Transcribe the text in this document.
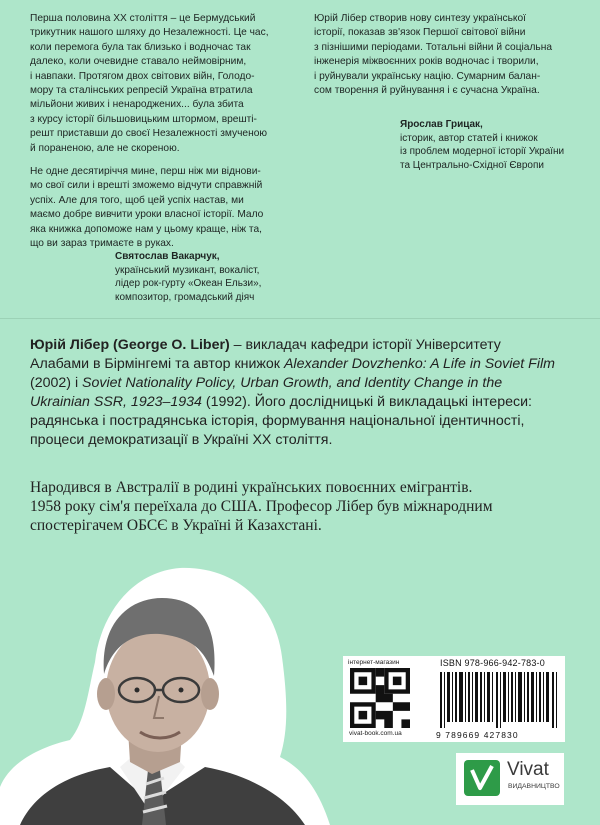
Перша половина XX століття – це Бермудський
трикутник нашого шляху до Незалежності. Це час,
коли перемога була так близько і водночас так
далеко, коли очевидне ставало неймовірним,
і навпаки. Протягом двох світових війн, Голодо-
мору та сталінських репресій Україна втратила
мільйони живих і ненароджених... була збита
з курсу історії більшовицьким штормом, врешті-
решт приставши до своєї Незалежності змученою
й пораненою, але не скореною.

Не одне десятиріччя мине, перш ніж ми віднови-
мо свої сили і врешті зможемо відчути справжній
успіх. Але для того, щоб цей успіх настав, ми
маємо добре вивчити уроки власної історії. Мало
яка книжка допоможе нам у цьому краще, ніж та,
що ви зараз тримаєте в руках.

Святослав Вакарчук,
український музикант, вокаліст,
лідер рок-гурту «Океан Ельзи»,
композитор, громадський діяч

Юрій Лібер створив нову синтезу української
історії, показав зв'язок Першої світової війни
з пізнішими періодами. Тотальні війни й соціальна
інженерія міжвоєнних років водночас і творили,
і руйнували українську націю. Сумарним балан-
сом творення й руйнування і є сучасна Україна.

Ярослав Грицак,
історик, автор статей і книжок
із проблем модерної історії України
та Центрально-Східної Європи

Юрій Лібер (George O. Liber) – викладач кафедри історії Університету Алабами в Бірмінгемі та автор книжок Alexander Dovzhenko: A Life in Soviet Film (2002) і Soviet Nationality Policy, Urban Growth, and Identity Change in the Ukrainian SSR, 1923–1934 (1992). Його дослідницькі й викладацькі інтереси: радянська і пострадянська історія, формування національної ідентичності, процеси демократизації в Україні XX століття.

Народився в Австралії в родині українських повоєнних емігрантів.
1958 року сім'я переїхала до США. Професор Лібер був міжнародним
спостерігачем ОБСЄ в Україні й Казахстані.

інтернет-магазин
vivat-book.com.ua
ISBN 978-966-942-783-0
9 789669 427830
Vivat
ВИДАВНИЦТВО
